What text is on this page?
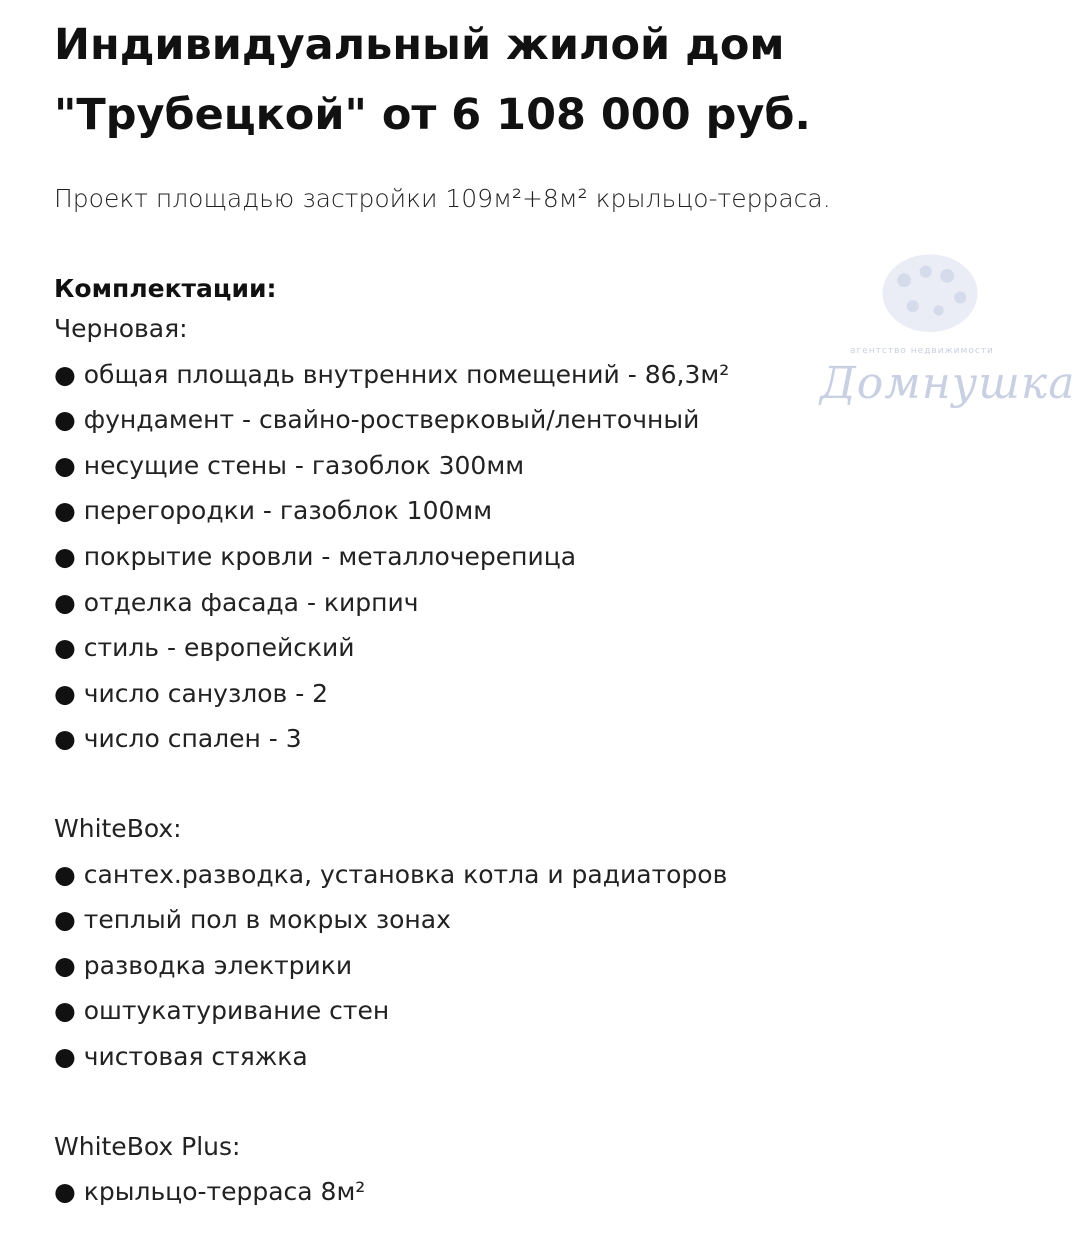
агентство недвижимости
Домнушка
Индивидуальный жилой дом "Трубецкой" от 6 108 000 руб.
Проект площадью застройки 109м²+8м² крыльцо-терраса.
Комплектации:
Черновая:
● общая площадь внутренних помещений - 86,3м²
● фундамент - свайно-ростверковый/ленточный
● несущие стены - газоблок 300мм
● перегородки - газоблок 100мм
● покрытие кровли - металлочерепица
● отделка фасада - кирпич
● стиль - европейский
● число санузлов - 2
● число спален - 3
WhiteBox:
● сантех.разводка, установка котла и радиаторов
● теплый пол в мокрых зонах
● разводка электрики
● оштукатуривание стен
● чистовая стяжка
WhiteBox Plus:
● крыльцо-терраса 8м²
